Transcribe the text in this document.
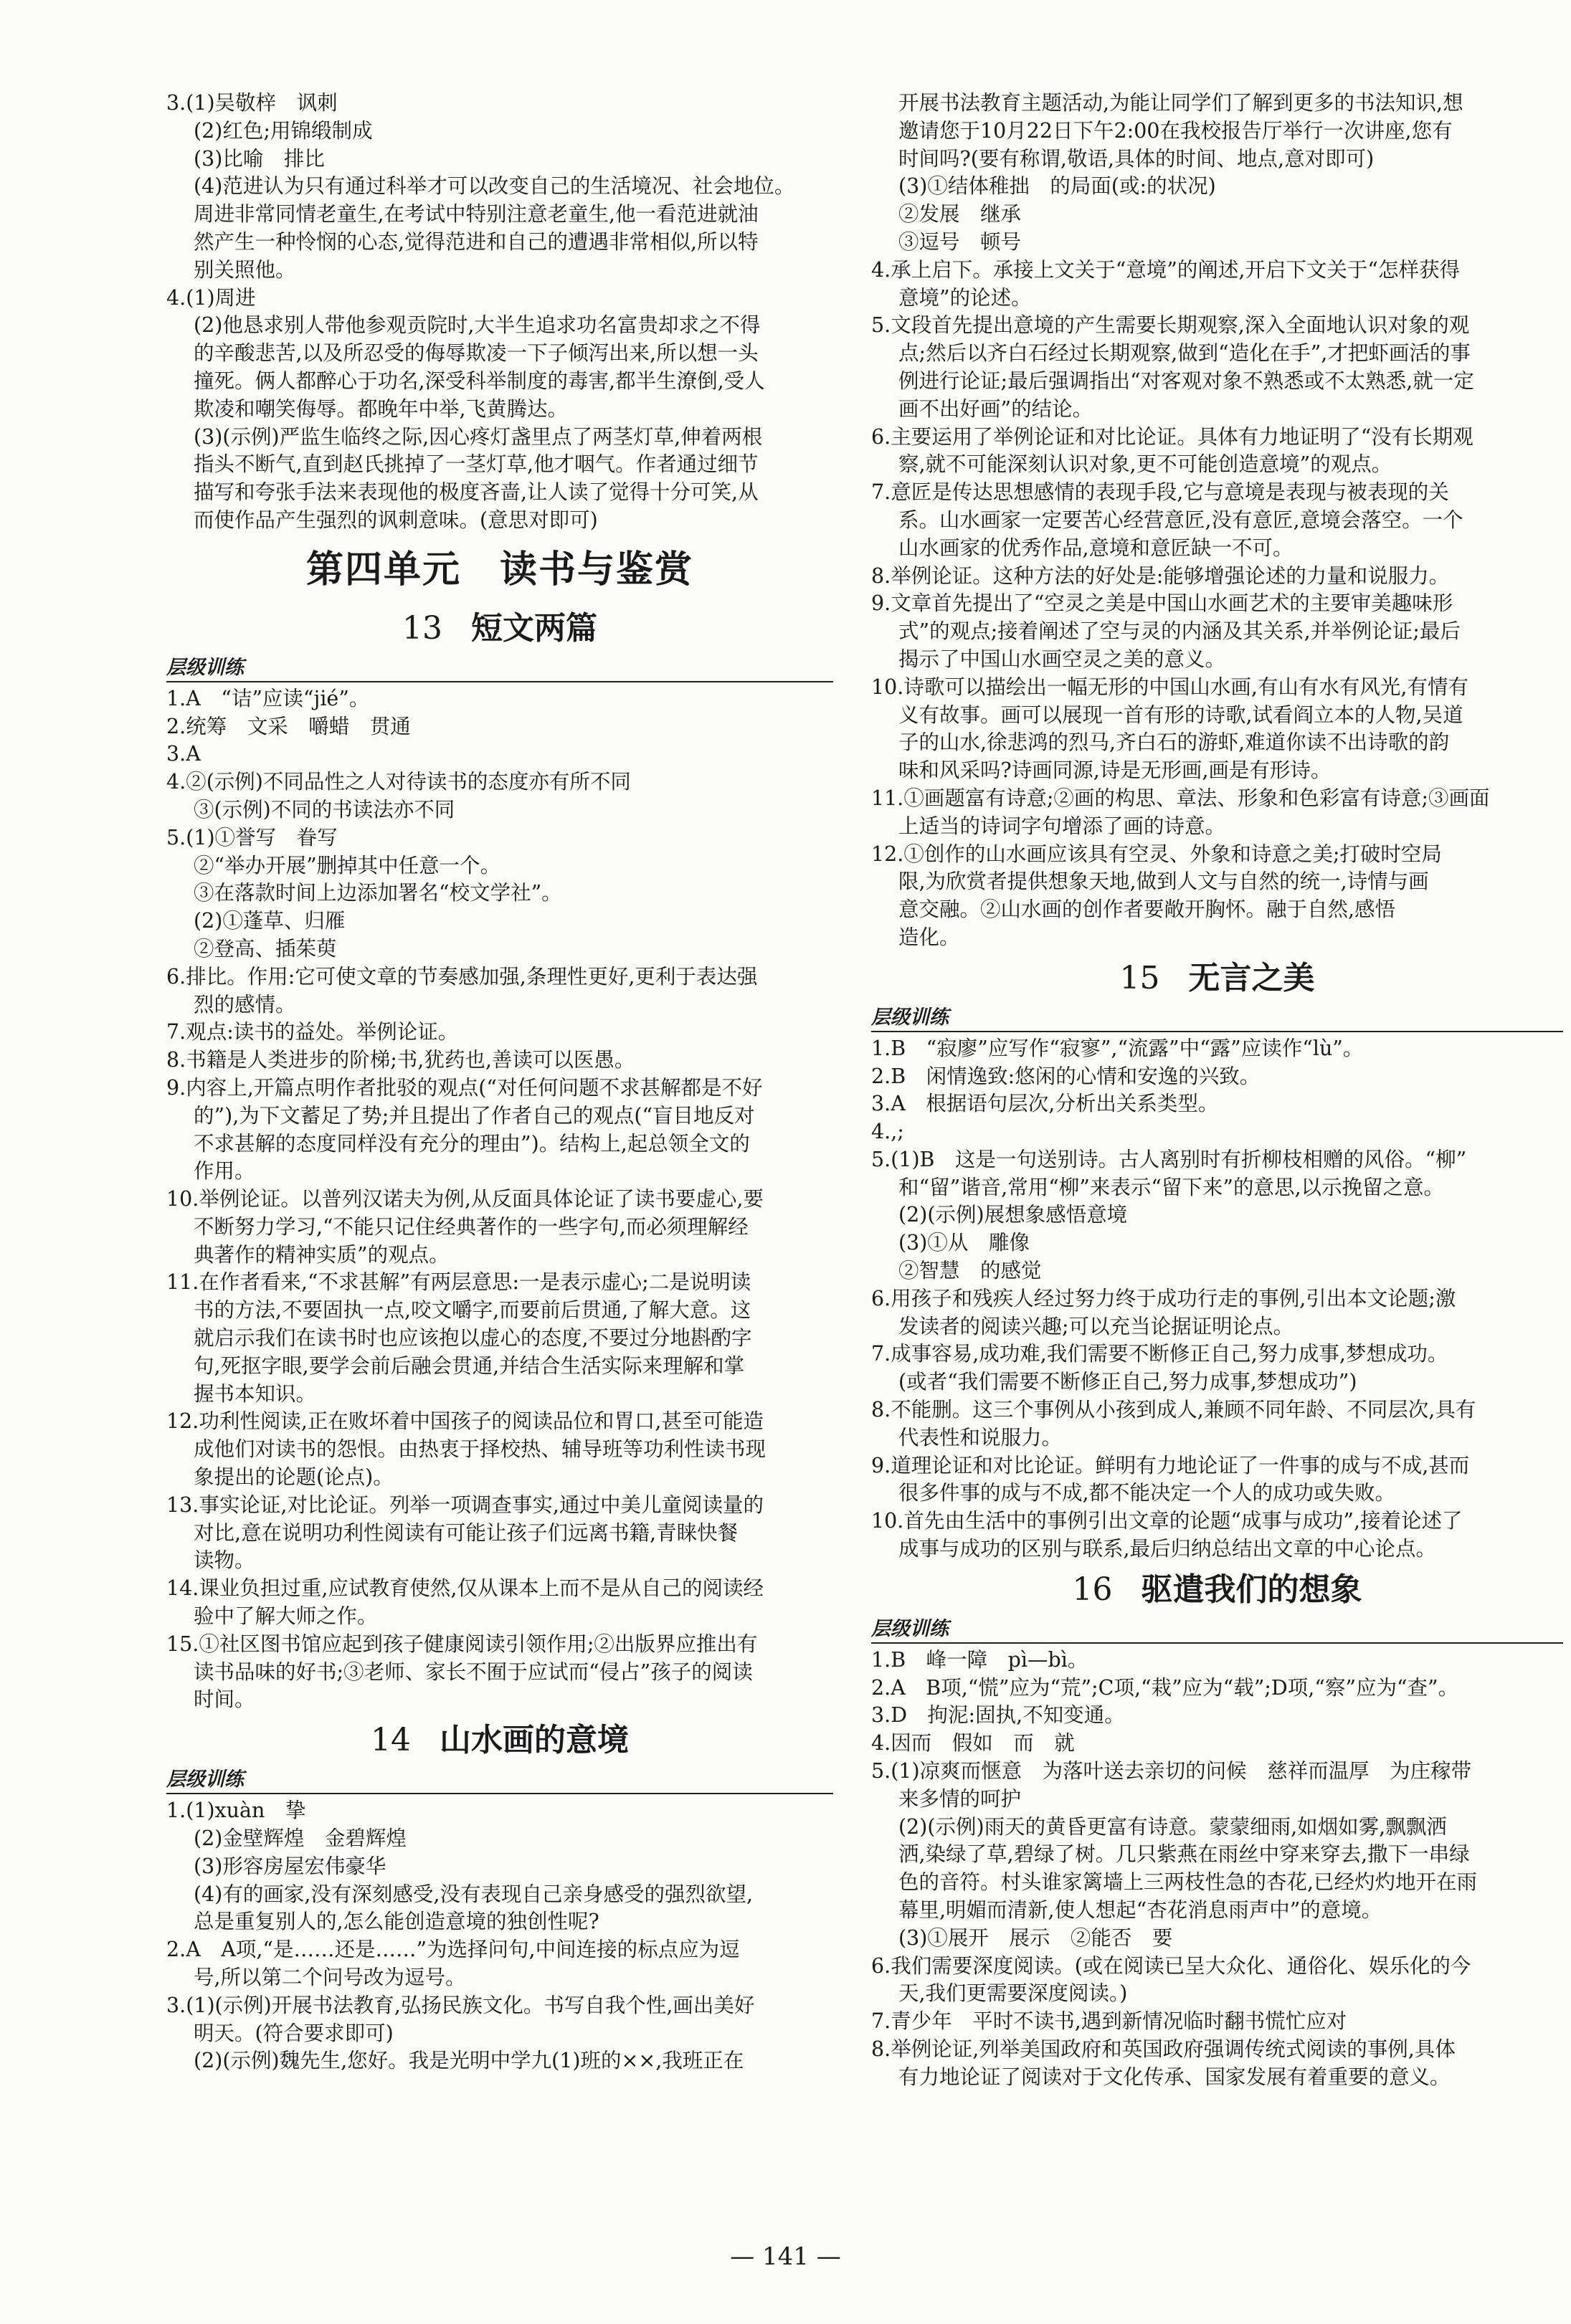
3.(1)吴敬梓　讽刺
(2)红色;用锦缎制成
(3)比喻　排比
(4)范进认为只有通过科举才可以改变自己的生活境况、社会地位。
周进非常同情老童生,在考试中特别注意老童生,他一看范进就油
然产生一种怜悯的心态,觉得范进和自己的遭遇非常相似,所以特
别关照他。
4.(1)周进
(2)他恳求别人带他参观贡院时,大半生追求功名富贵却求之不得
的辛酸悲苦,以及所忍受的侮辱欺凌一下子倾泻出来,所以想一头
撞死。俩人都醉心于功名,深受科举制度的毒害,都半生潦倒,受人
欺凌和嘲笑侮辱。都晚年中举,飞黄腾达。
(3)(示例)严监生临终之际,因心疼灯盏里点了两茎灯草,伸着两根
指头不断气,直到赵氏挑掉了一茎灯草,他才咽气。作者通过细节
描写和夸张手法来表现他的极度吝啬,让人读了觉得十分可笑,从
而使作品产生强烈的讽刺意味。(意思对即可)
第四单元　读书与鉴赏
13 短文两篇
层级训练
1.A　“诘”应读“jié”。
2.统筹　文采　嚼蜡　贯通
3.A
4.②(示例)不同品性之人对待读书的态度亦有所不同
③(示例)不同的书读法亦不同
5.(1)①誉写　眷写
②“举办开展”删掉其中任意一个。
③在落款时间上边添加署名“校文学社”。
(2)①蓬草、归雁
②登高、插茱萸
6.排比。作用:它可使文章的节奏感加强,条理性更好,更利于表达强
烈的感情。
7.观点:读书的益处。举例论证。
8.书籍是人类进步的阶梯;书,犹药也,善读可以医愚。
9.内容上,开篇点明作者批驳的观点(“对任何问题不求甚解都是不好
的”),为下文蓄足了势;并且提出了作者自己的观点(“盲目地反对
不求甚解的态度同样没有充分的理由”)。结构上,起总领全文的
作用。
10.举例论证。以普列汉诺夫为例,从反面具体论证了读书要虚心,要
不断努力学习,“不能只记住经典著作的一些字句,而必须理解经
典著作的精神实质”的观点。
11.在作者看来,“不求甚解”有两层意思:一是表示虚心;二是说明读
书的方法,不要固执一点,咬文嚼字,而要前后贯通,了解大意。这
就启示我们在读书时也应该抱以虚心的态度,不要过分地斟酌字
句,死抠字眼,要学会前后融会贯通,并结合生活实际来理解和掌
握书本知识。
12.功利性阅读,正在败坏着中国孩子的阅读品位和胃口,甚至可能造
成他们对读书的怨恨。由热衷于择校热、辅导班等功利性读书现
象提出的论题(论点)。
13.事实论证,对比论证。列举一项调查事实,通过中美儿童阅读量的
对比,意在说明功利性阅读有可能让孩子们远离书籍,青睐快餐
读物。
14.课业负担过重,应试教育使然,仅从课本上而不是从自己的阅读经
验中了解大师之作。
15.①社区图书馆应起到孩子健康阅读引领作用;②出版界应推出有
读书品味的好书;③老师、家长不囿于应试而“侵占”孩子的阅读
时间。
14 山水画的意境
层级训练
1.(1)xuàn　挚
(2)金壁辉煌　金碧辉煌
(3)形容房屋宏伟豪华
(4)有的画家,没有深刻感受,没有表现自己亲身感受的强烈欲望,
总是重复别人的,怎么能创造意境的独创性呢?
2.A　A项,“是……还是……”为选择问句,中间连接的标点应为逗
号,所以第二个问号改为逗号。
3.(1)(示例)开展书法教育,弘扬民族文化。书写自我个性,画出美好
明天。(符合要求即可)
(2)(示例)魏先生,您好。我是光明中学九(1)班的××,我班正在
开展书法教育主题活动,为能让同学们了解到更多的书法知识,想
邀请您于10月22日下午2:00在我校报告厅举行一次讲座,您有
时间吗?(要有称谓,敬语,具体的时间、地点,意对即可)
(3)①结体稚拙　的局面(或:的状况)
②发展　继承
③逗号　顿号
4.承上启下。承接上文关于“意境”的阐述,开启下文关于“怎样获得
意境”的论述。
5.文段首先提出意境的产生需要长期观察,深入全面地认识对象的观
点;然后以齐白石经过长期观察,做到“造化在手”,才把虾画活的事
例进行论证;最后强调指出“对客观对象不熟悉或不太熟悉,就一定
画不出好画”的结论。
6.主要运用了举例论证和对比论证。具体有力地证明了“没有长期观
察,就不可能深刻认识对象,更不可能创造意境”的观点。
7.意匠是传达思想感情的表现手段,它与意境是表现与被表现的关
系。山水画家一定要苦心经营意匠,没有意匠,意境会落空。一个
山水画家的优秀作品,意境和意匠缺一不可。
8.举例论证。这种方法的好处是:能够增强论述的力量和说服力。
9.文章首先提出了“空灵之美是中国山水画艺术的主要审美趣味形
式”的观点;接着阐述了空与灵的内涵及其关系,并举例论证;最后
揭示了中国山水画空灵之美的意义。
10.诗歌可以描绘出一幅无形的中国山水画,有山有水有风光,有情有
义有故事。画可以展现一首有形的诗歌,试看阎立本的人物,吴道
子的山水,徐悲鸿的烈马,齐白石的游虾,难道你读不出诗歌的韵
味和风采吗?诗画同源,诗是无形画,画是有形诗。
11.①画题富有诗意;②画的构思、章法、形象和色彩富有诗意;③画面
上适当的诗词字句增添了画的诗意。
12.①创作的山水画应该具有空灵、外象和诗意之美;打破时空局
限,为欣赏者提供想象天地,做到人文与自然的统一,诗情与画
意交融。②山水画的创作者要敞开胸怀。融于自然,感悟
造化。
15 无言之美
层级训练
1.B　“寂廖”应写作“寂寥”,“流露”中“露”应读作“lù”。
2.B　闲情逸致:悠闲的心情和安逸的兴致。
3.A　根据语句层次,分析出关系类型。
4.,;
5.(1)B　这是一句送别诗。古人离别时有折柳枝相赠的风俗。“柳”
和“留”谐音,常用“柳”来表示“留下来”的意思,以示挽留之意。
(2)(示例)展想象感悟意境
(3)①从　雕像
②智慧　的感觉
6.用孩子和残疾人经过努力终于成功行走的事例,引出本文论题;激
发读者的阅读兴趣;可以充当论据证明论点。
7.成事容易,成功难,我们需要不断修正自己,努力成事,梦想成功。
(或者“我们需要不断修正自己,努力成事,梦想成功”)
8.不能删。这三个事例从小孩到成人,兼顾不同年龄、不同层次,具有
代表性和说服力。
9.道理论证和对比论证。鲜明有力地论证了一件事的成与不成,甚而
很多件事的成与不成,都不能决定一个人的成功或失败。
10.首先由生活中的事例引出文章的论题“成事与成功”,接着论述了
成事与成功的区别与联系,最后归纳总结出文章的中心论点。
16 驱遣我们的想象
层级训练
1.B　峰一障　pì—bì。
2.A　B项,“慌”应为“荒”;C项,“栽”应为“载”;D项,“察”应为“查”。
3.D　拘泥:固执,不知变通。
4.因而　假如　而　就
5.(1)凉爽而惬意　为落叶送去亲切的问候　慈祥而温厚　为庄稼带
来多情的呵护
(2)(示例)雨天的黄昏更富有诗意。蒙蒙细雨,如烟如雾,飘飘洒
洒,染绿了草,碧绿了树。几只紫燕在雨丝中穿来穿去,撒下一串绿
色的音符。村头谁家篱墙上三两枝性急的杏花,已经灼灼地开在雨
幕里,明媚而清新,使人想起“杏花消息雨声中”的意境。
(3)①展开　展示　②能否　要
6.我们需要深度阅读。(或在阅读已呈大众化、通俗化、娱乐化的今
天,我们更需要深度阅读。)
7.青少年　平时不读书,遇到新情况临时翻书慌忙应对
8.举例论证,列举美国政府和英国政府强调传统式阅读的事例,具体
有力地论证了阅读对于文化传承、国家发展有着重要的意义。
— 141 —
